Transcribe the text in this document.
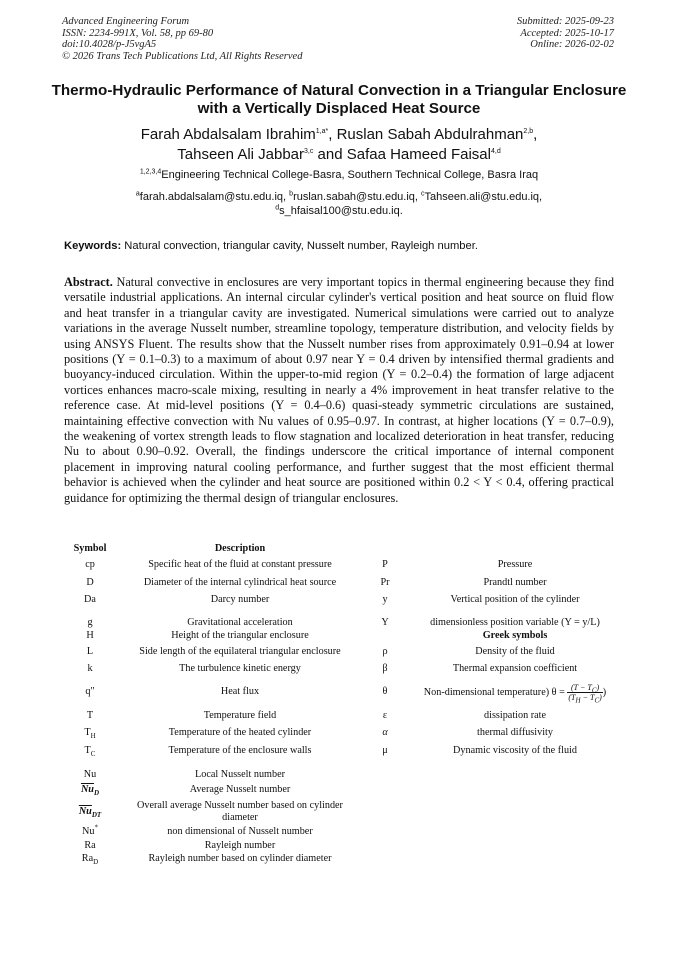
Advanced Engineering Forum
ISSN: 2234-991X, Vol. 58, pp 69-80
doi:10.4028/p-J5vgA5
© 2026 Trans Tech Publications Ltd, All Rights Reserved
Submitted: 2025-09-23
Accepted: 2025-10-17
Online: 2026-02-02
Thermo-Hydraulic Performance of Natural Convection in a Triangular Enclosure with a Vertically Displaced Heat Source
Farah Abdalsalam Ibrahim$^{1,a*}$, Ruslan Sabah Abdulrahman$^{2,b}$,
Tahseen Ali Jabbar$^{3,c}$ and Safaa Hameed Faisal$^{4,d}$
$^{1,2,3,4}$Engineering Technical College-Basra, Southern Technical College, Basra Iraq
$^a$farah.abdalsalam@stu.edu.iq, $^b$ruslan.sabah@stu.edu.iq, $^c$Tahseen.ali@stu.edu.iq,
$^d$s_hfaisal100@stu.edu.iq.
Keywords: Natural convection, triangular cavity, Nusselt number, Rayleigh number.
Abstract. Natural convective in enclosures are very important topics in thermal engineering because they find versatile industrial applications. An internal circular cylinder's vertical position and heat source on fluid flow and heat transfer in a triangular cavity are investigated. Numerical simulations were carried out to analyze variations in the average Nusselt number, streamline topology, temperature distribution, and velocity fields by using ANSYS Fluent. The results show that the Nusselt number rises from approximately 0.91–0.94 at lower positions (Y = 0.1–0.3) to a maximum of about 0.97 near Y = 0.4 driven by intensified thermal gradients and buoyancy-induced circulation. Within the upper-to-mid region (Y = 0.2–0.4) the formation of large adjacent vortices enhances macro-scale mixing, resulting in nearly a 4% improvement in heat transfer relative to the reference case. At mid-level positions (Y = 0.4–0.6) quasi-steady symmetric circulations are sustained, maintaining effective convection with Nu values of 0.95–0.97. In contrast, at higher locations (Y = 0.7–0.9), the weakening of vortex strength leads to flow stagnation and localized deterioration in heat transfer, reducing Nu to about 0.90–0.92. Overall, the findings underscore the critical importance of internal component placement in improving natural cooling performance, and further suggest that the most efficient thermal behavior is achieved when the cylinder and heat source are positioned within 0.2 < Y < 0.4, offering practical guidance for optimizing the thermal design of triangular enclosures.
Symbol	Description		
cp	Specific heat of the fluid at constant pressure	P	Pressure
D	Diameter of the internal cylindrical heat source	Pr	Prandtl number
Da	Darcy number	y	Vertical position of the cylinder
g	Gravitational acceleration	Y	dimensionless position variable (Y = y/L)
H	Height of the triangular enclosure		Greek symbols
L	Side length of the equilateral triangular enclosure	ρ	Density of the fluid
k	The turbulence kinetic energy	β	Thermal expansion coefficient
q"	Heat flux	θ	Non-dimensional temperature) $\theta = \frac{(T - T_C)}{(T_H - T_C)}$ )
T	Temperature field	ε	dissipation rate
$T_H$	Temperature of the heated cylinder	α	thermal diffusivity
$T_C$	Temperature of the enclosure walls	μ	Dynamic viscosity of the fluid
Nu	Local Nusselt number		
$\overline{Nu}_D$	Average Nusselt number		
$\overline{Nu}_{DT}$	Overall average Nusselt number based on cylinder diameter		
Nu*	non dimensional of Nusselt number		
Ra	Rayleigh number		
$Ra_D$	Rayleigh number based on cylinder diameter		
